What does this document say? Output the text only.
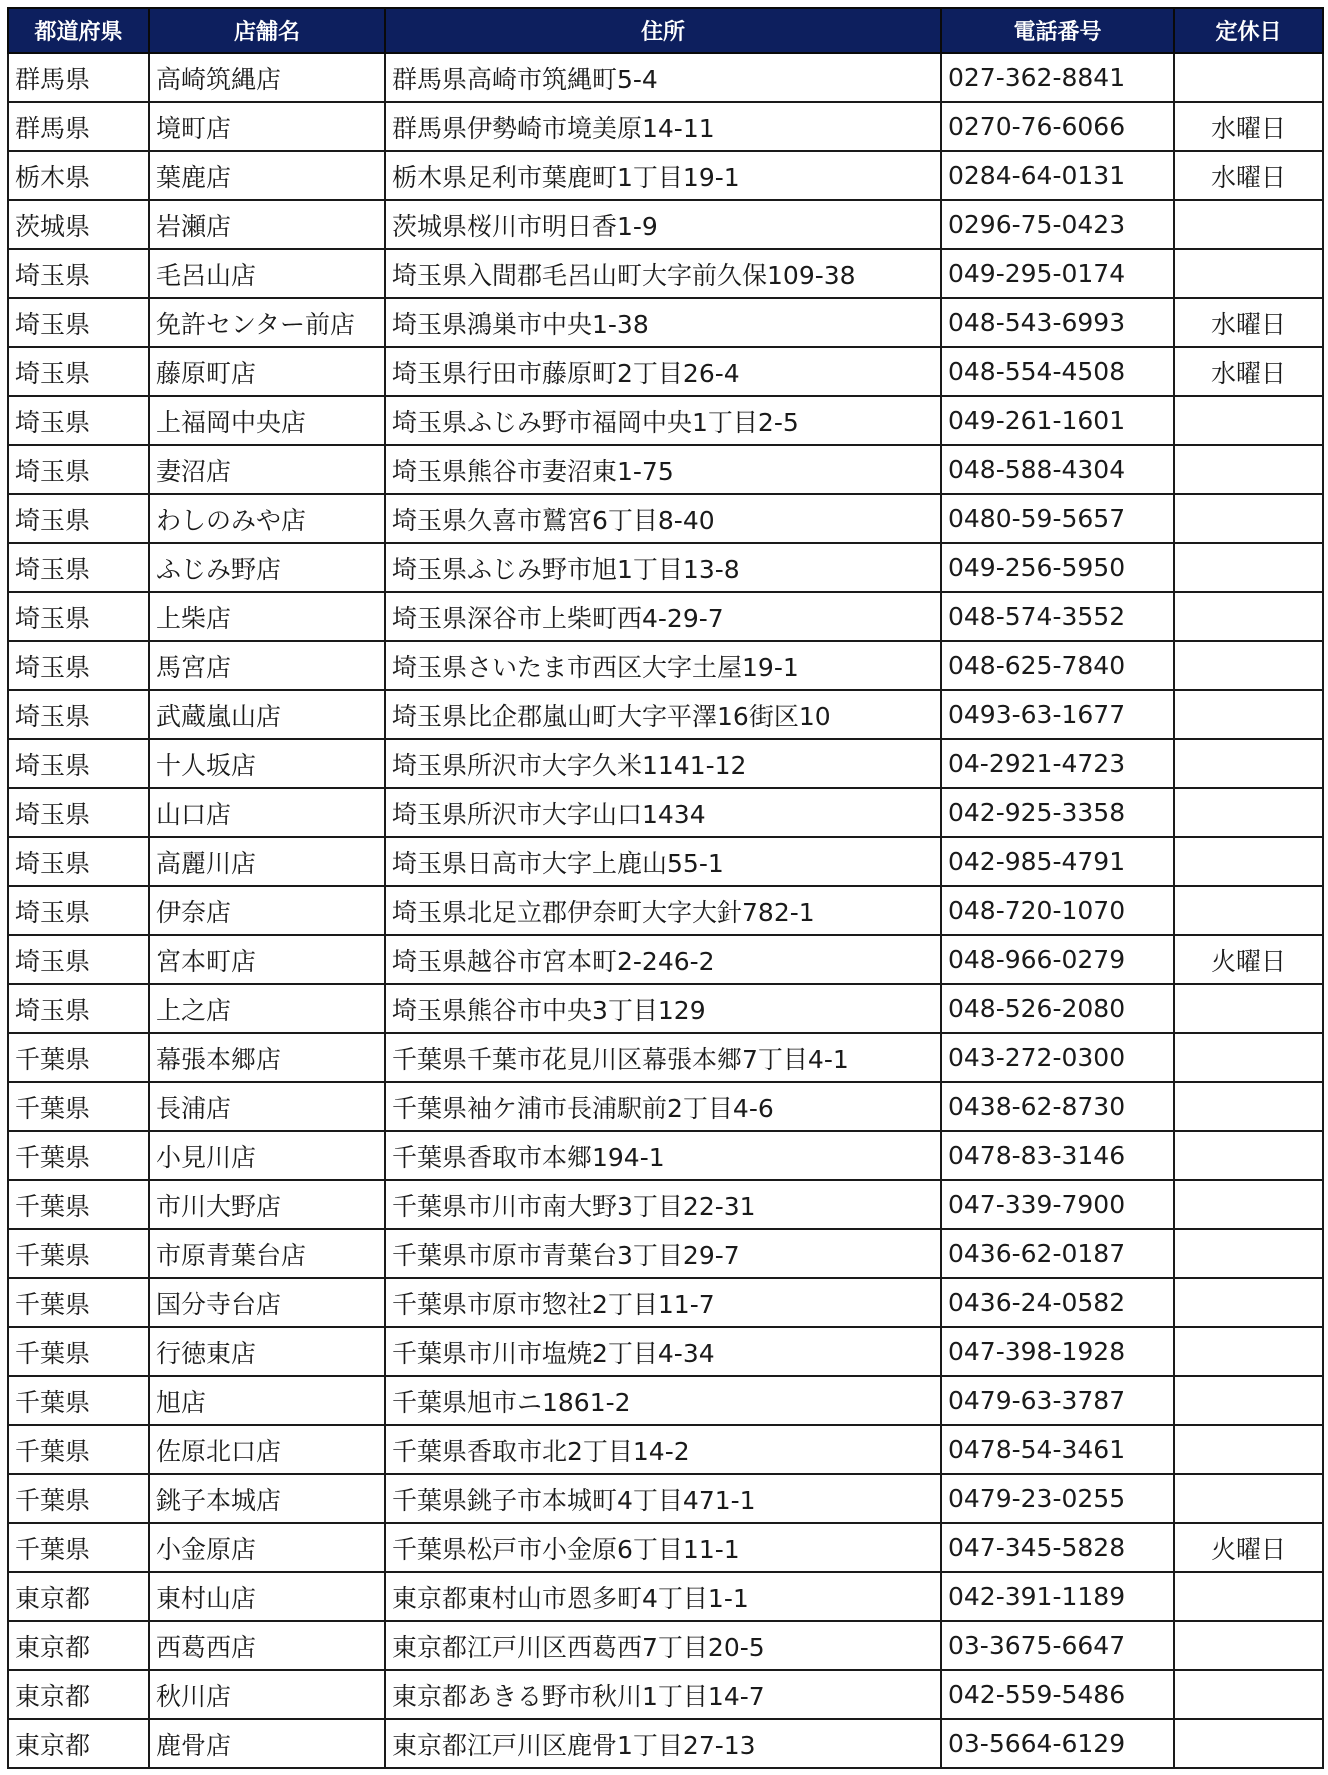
都道府県	店舗名	住所	電話番号	定休日
群馬県	高崎筑縄店	群馬県高崎市筑縄町5-4	027-362-8841	
群馬県	境町店	群馬県伊勢崎市境美原14-11	0270-76-6066	水曜日
栃木県	葉鹿店	栃木県足利市葉鹿町1丁目19-1	0284-64-0131	水曜日
茨城県	岩瀬店	茨城県桜川市明日香1-9	0296-75-0423	
埼玉県	毛呂山店	埼玉県入間郡毛呂山町大字前久保109-38	049-295-0174	
埼玉県	免許センター前店	埼玉県鴻巣市中央1-38	048-543-6993	水曜日
埼玉県	藤原町店	埼玉県行田市藤原町2丁目26-4	048-554-4508	水曜日
埼玉県	上福岡中央店	埼玉県ふじみ野市福岡中央1丁目2-5	049-261-1601	
埼玉県	妻沼店	埼玉県熊谷市妻沼東1-75	048-588-4304	
埼玉県	わしのみや店	埼玉県久喜市鷲宮6丁目8-40	0480-59-5657	
埼玉県	ふじみ野店	埼玉県ふじみ野市旭1丁目13-8	049-256-5950	
埼玉県	上柴店	埼玉県深谷市上柴町西4-29-7	048-574-3552	
埼玉県	馬宮店	埼玉県さいたま市西区大字土屋19-1	048-625-7840	
埼玉県	武蔵嵐山店	埼玉県比企郡嵐山町大字平澤16街区10	0493-63-1677	
埼玉県	十人坂店	埼玉県所沢市大字久米1141-12	04-2921-4723	
埼玉県	山口店	埼玉県所沢市大字山口1434	042-925-3358	
埼玉県	高麗川店	埼玉県日高市大字上鹿山55-1	042-985-4791	
埼玉県	伊奈店	埼玉県北足立郡伊奈町大字大針782-1	048-720-1070	
埼玉県	宮本町店	埼玉県越谷市宮本町2-246-2	048-966-0279	火曜日
埼玉県	上之店	埼玉県熊谷市中央3丁目129	048-526-2080	
千葉県	幕張本郷店	千葉県千葉市花見川区幕張本郷7丁目4-1	043-272-0300	
千葉県	長浦店	千葉県袖ケ浦市長浦駅前2丁目4-6	0438-62-8730	
千葉県	小見川店	千葉県香取市本郷194-1	0478-83-3146	
千葉県	市川大野店	千葉県市川市南大野3丁目22-31	047-339-7900	
千葉県	市原青葉台店	千葉県市原市青葉台3丁目29-7	0436-62-0187	
千葉県	国分寺台店	千葉県市原市惣社2丁目11-7	0436-24-0582	
千葉県	行徳東店	千葉県市川市塩焼2丁目4-34	047-398-1928	
千葉県	旭店	千葉県旭市ニ1861-2	0479-63-3787	
千葉県	佐原北口店	千葉県香取市北2丁目14-2	0478-54-3461	
千葉県	銚子本城店	千葉県銚子市本城町4丁目471-1	0479-23-0255	
千葉県	小金原店	千葉県松戸市小金原6丁目11-1	047-345-5828	火曜日
東京都	東村山店	東京都東村山市恩多町4丁目1-1	042-391-1189	
東京都	西葛西店	東京都江戸川区西葛西7丁目20-5	03-3675-6647	
東京都	秋川店	東京都あきる野市秋川1丁目14-7	042-559-5486	
東京都	鹿骨店	東京都江戸川区鹿骨1丁目27-13	03-5664-6129	
